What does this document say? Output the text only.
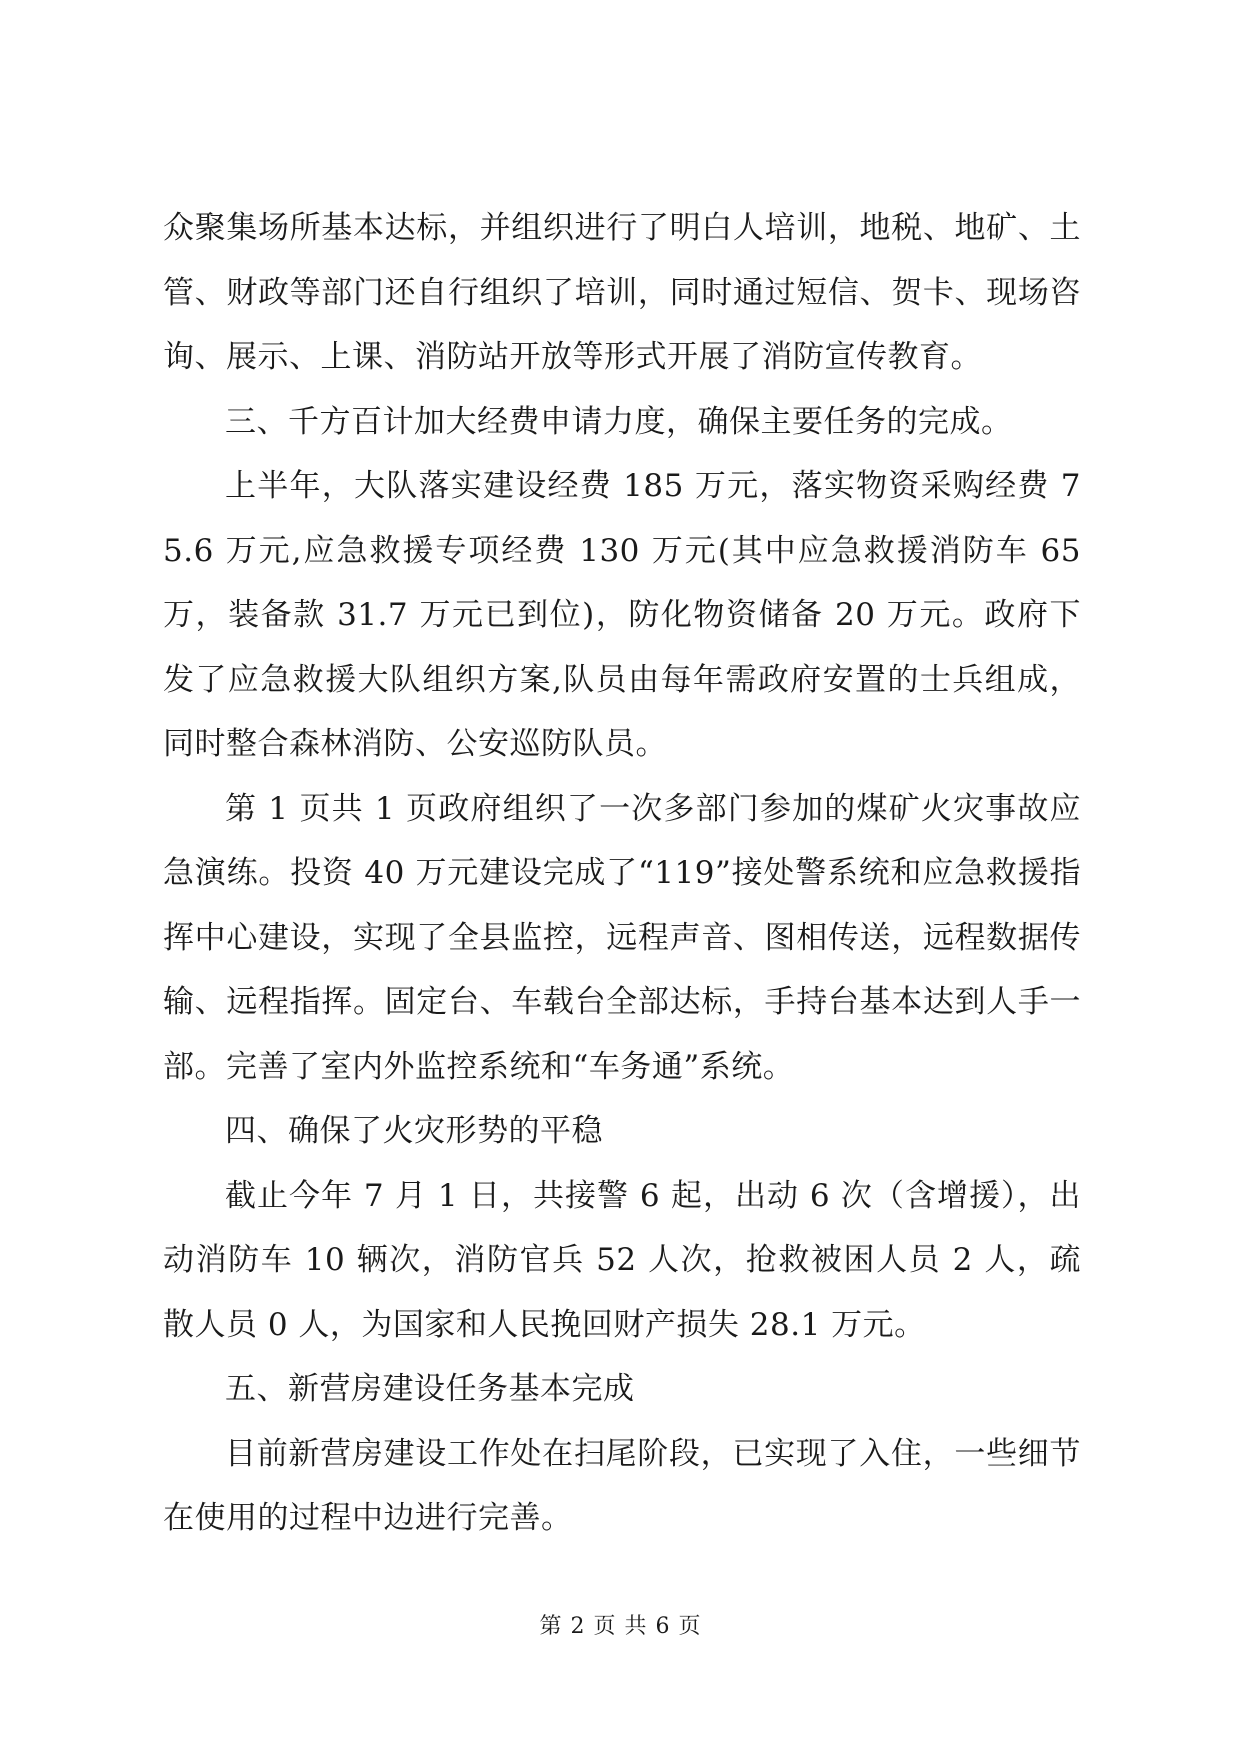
众聚集场所基本达标，并组织进行了明白人培训，地税、地矿、土管、财政等部门还自行组织了培训，同时通过短信、贺卡、现场咨询、展示、上课、消防站开放等形式开展了消防宣传教育。

三、千方百计加大经费申请力度，确保主要任务的完成。

上半年，大队落实建设经费 185 万元，落实物资采购经费 75.6 万元,应急救援专项经费 130 万元(其中应急救援消防车 65 万，装备款 31.7 万元已到位)，防化物资储备 20 万元。政府下发了应急救援大队组织方案,队员由每年需政府安置的士兵组成，同时整合森林消防、公安巡防队员。

第 1 页共 1 页政府组织了一次多部门参加的煤矿火灾事故应急演练。投资 40 万元建设完成了“119”接处警系统和应急救援指挥中心建设，实现了全县监控，远程声音、图相传送，远程数据传输、远程指挥。固定台、车载台全部达标，手持台基本达到人手一部。完善了室内外监控系统和“车务通”系统。

四、确保了火灾形势的平稳

截止今年 7 月 1 日，共接警 6 起，出动 6 次（含增援），出动消防车 10 辆次，消防官兵 52 人次，抢救被困人员 2 人，疏散人员 0 人，为国家和人民挽回财产损失 28.1 万元。

五、新营房建设任务基本完成

目前新营房建设工作处在扫尾阶段，已实现了入住，一些细节在使用的过程中边进行完善。

第 2 页 共 6 页
